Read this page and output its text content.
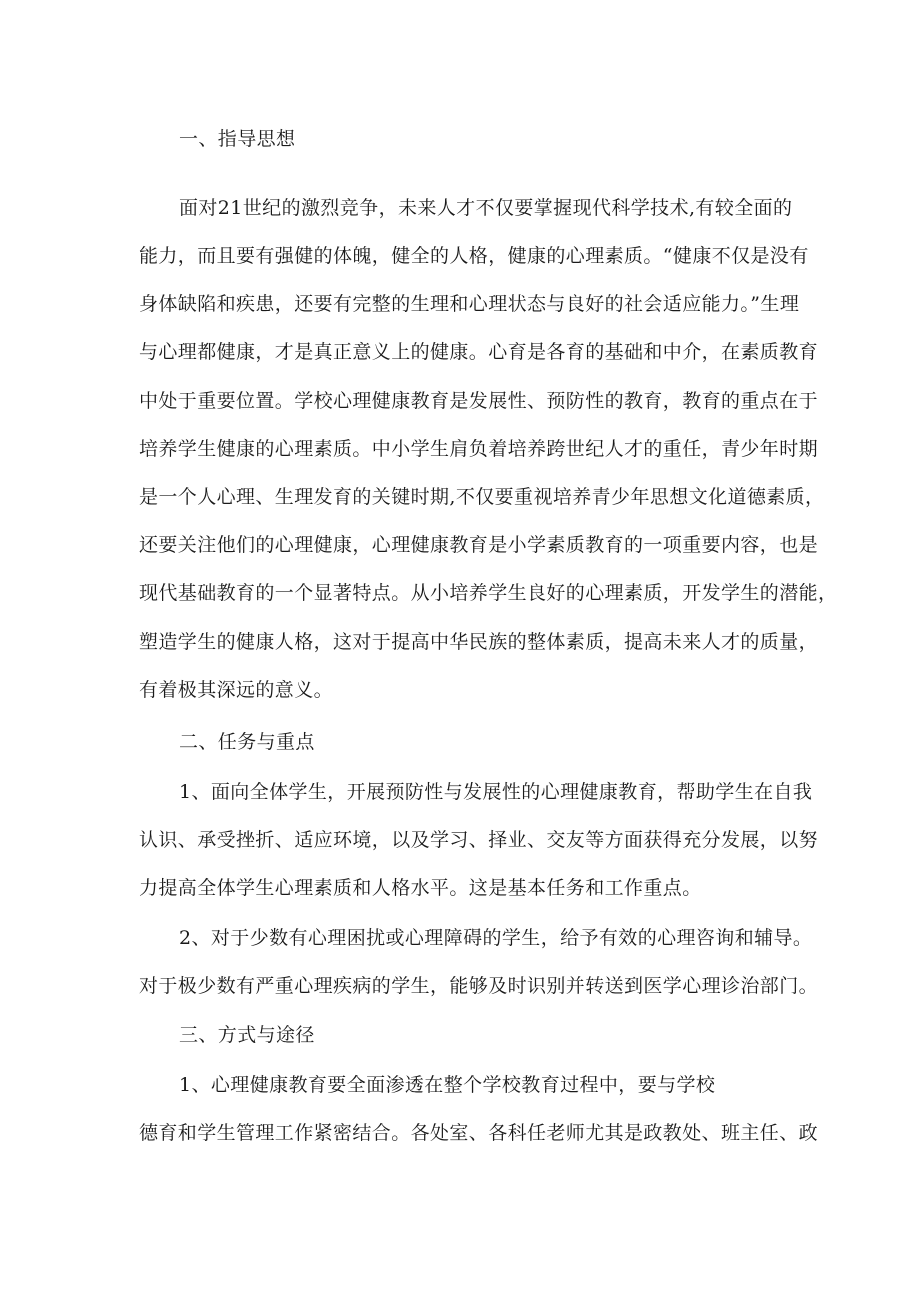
一、指导思想
面对21世纪的激烈竞争，未来人才不仅要掌握现代科学技术,有较全面的
能力，而且要有强健的体魄，健全的人格，健康的心理素质。“健康不仅是没有
身体缺陷和疾患，还要有完整的生理和心理状态与良好的社会适应能力。”生理
与心理都健康，才是真正意义上的健康。心育是各育的基础和中介，在素质教育
中处于重要位置。学校心理健康教育是发展性、预防性的教育，教育的重点在于
培养学生健康的心理素质。中小学生肩负着培养跨世纪人才的重任，青少年时期
是一个人心理、生理发育的关键时期,不仅要重视培养青少年思想文化道德素质，
还要关注他们的心理健康，心理健康教育是小学素质教育的一项重要内容，也是
现代基础教育的一个显著特点。从小培养学生良好的心理素质，开发学生的潜能，
塑造学生的健康人格，这对于提高中华民族的整体素质，提高未来人才的质量，
有着极其深远的意义。
二、任务与重点
1、面向全体学生，开展预防性与发展性的心理健康教育，帮助学生在自我
认识、承受挫折、适应环境，以及学习、择业、交友等方面获得充分发展，以努
力提高全体学生心理素质和人格水平。这是基本任务和工作重点。
2、对于少数有心理困扰或心理障碍的学生，给予有效的心理咨询和辅导。
对于极少数有严重心理疾病的学生，能够及时识别并转送到医学心理诊治部门。
三、方式与途径
1、心理健康教育要全面渗透在整个学校教育过程中，要与学校
德育和学生管理工作紧密结合。各处室、各科任老师尤其是政教处、班主任、政
